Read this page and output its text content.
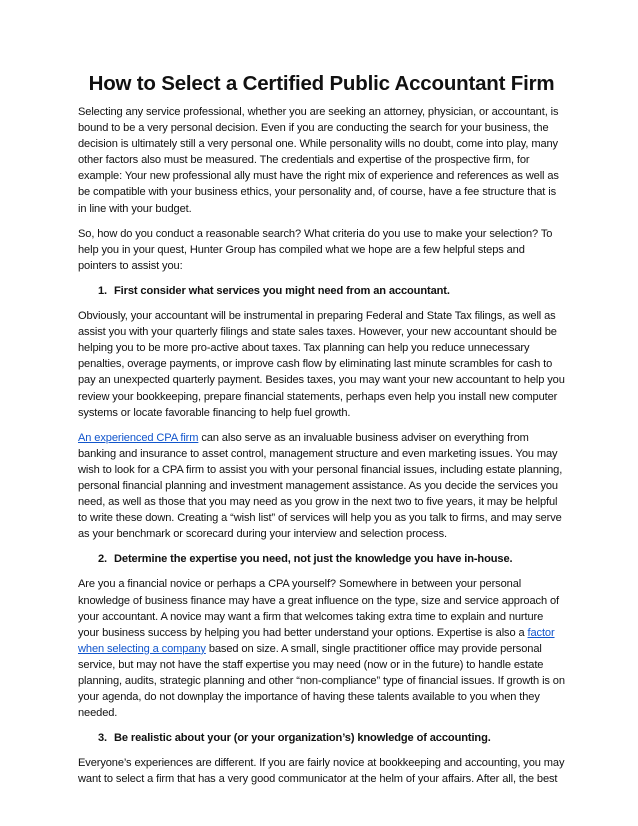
How to Select a Certified Public Accountant Firm

Selecting any service professional, whether you are seeking an attorney, physician, or accountant, is bound to be a very personal decision. Even if you are conducting the search for your business, the decision is ultimately still a very personal one. While personality wills no doubt, come into play, many other factors also must be measured. The credentials and expertise of the prospective firm, for example: Your new professional ally must have the right mix of experience and references as well as be compatible with your business ethics, your personality and, of course, have a fee structure that is in line with your budget.

So, how do you conduct a reasonable search? What criteria do you use to make your selection? To help you in your quest, Hunter Group has compiled what we hope are a few helpful steps and pointers to assist you:

1. First consider what services you might need from an accountant.

Obviously, your accountant will be instrumental in preparing Federal and State Tax filings, as well as assist you with your quarterly filings and state sales taxes. However, your new accountant should be helping you to be more pro-active about taxes. Tax planning can help you reduce unnecessary penalties, overage payments, or improve cash flow by eliminating last minute scrambles for cash to pay an unexpected quarterly payment. Besides taxes, you may want your new accountant to help you review your bookkeeping, prepare financial statements, perhaps even help you install new computer systems or locate favorable financing to help fuel growth.

An experienced CPA firm can also serve as an invaluable business adviser on everything from banking and insurance to asset control, management structure and even marketing issues. You may wish to look for a CPA firm to assist you with your personal financial issues, including estate planning, personal financial planning and investment management assistance. As you decide the services you need, as well as those that you may need as you grow in the next two to five years, it may be helpful to write these down. Creating a “wish list” of services will help you as you talk to firms, and may serve as your benchmark or scorecard during your interview and selection process.

2. Determine the expertise you need, not just the knowledge you have in-house.

Are you a financial novice or perhaps a CPA yourself? Somewhere in between your personal knowledge of business finance may have a great influence on the type, size and service approach of your accountant. A novice may want a firm that welcomes taking extra time to explain and nurture your business success by helping you had better understand your options. Expertise is also a factor when selecting a company based on size. A small, single practitioner office may provide personal service, but may not have the staff expertise you may need (now or in the future) to handle estate planning, audits, strategic planning and other “non-compliance” type of financial issues. If growth is on your agenda, do not downplay the importance of having these talents available to you when they needed.

3. Be realistic about your (or your organization’s) knowledge of accounting.

Everyone’s experiences are different. If you are fairly novice at bookkeeping and accounting, you may want to select a firm that has a very good communicator at the helm of your affairs. After all, the best
